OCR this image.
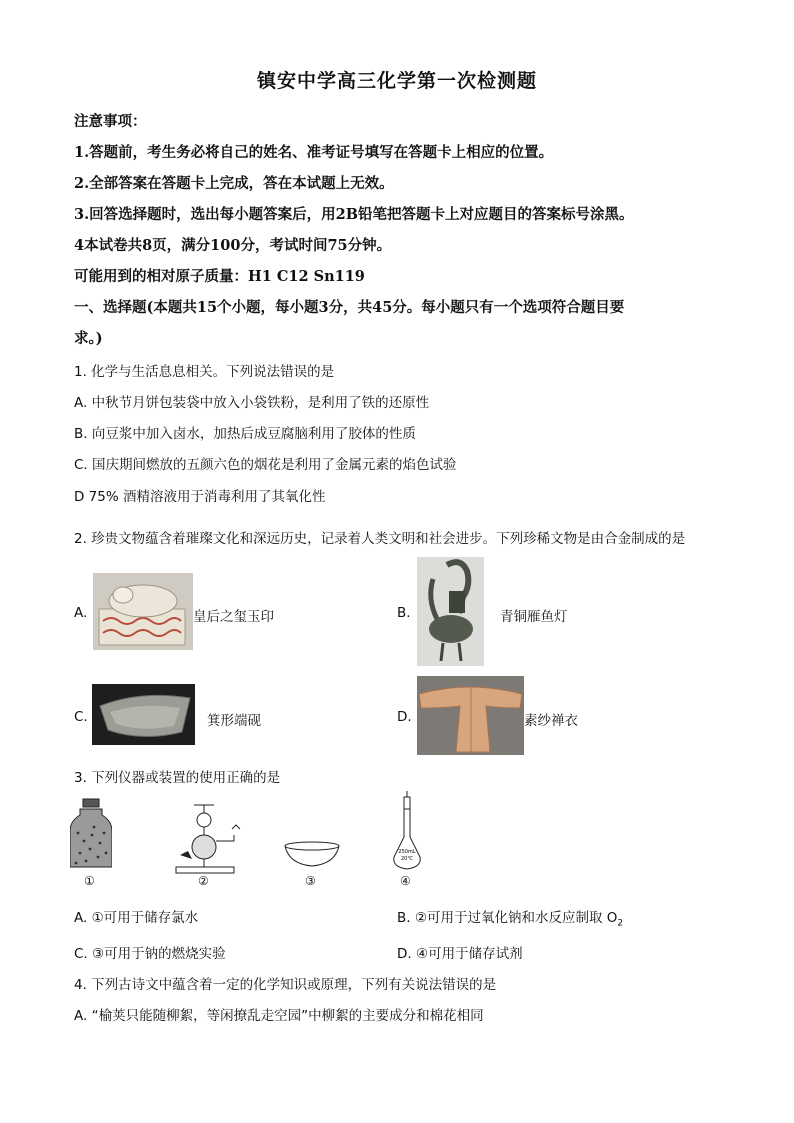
镇安中学高三化学第一次检测题
注意事项：
1.答题前，考生务必将自己的姓名、准考证号填写在答题卡上相应的位置。
2.全部答案在答题卡上完成，答在本试题上无效。
3.回答选择题时，选出每小题答案后，用2B铅笔把答题卡上对应题目的答案标号涂黑。
4本试卷共8页，满分100分，考试时间75分钟。
可能用到的相对原子质量：H1 C12 Sn119
一、选择题(本题共15个小题，每小题3分，共45分。每小题只有一个选项符合题目要
求。)
1. 化学与生活息息相关。下列说法错误的是
A. 中秋节月饼包装袋中放入小袋铁粉，是利用了铁的还原性
B. 向豆浆中加入卤水，加热后成豆腐脑利用了胶体的性质
C. 国庆期间燃放的五颜六色的烟花是利用了金属元素的焰色试验
D 75% 酒精溶液用于消毒利用了其氧化性
2. 珍贵文物蕴含着璀璨文化和深远历史，记录着人类文明和社会进步。下列珍稀文物是由合金制成的是
A.	皇后之玺玉印	B.	青铜雁鱼灯
C.	箕形端砚	D.	素纱禅衣
3. 下列仪器或装置的使用正确的是
①	②	③
250mL
20℃
④
A. ①可用于储存氯水	B. ②可用于过氧化钠和水反应制取 $O_2$
C. ③可用于钠的燃烧实验	D. ④可用于储存试剂
4. 下列古诗文中蕴含着一定的化学知识或原理，下列有关说法错误的是
A. “榆荚只能随柳絮，等闲撩乱走空园”中柳絮的主要成分和棉花相同
